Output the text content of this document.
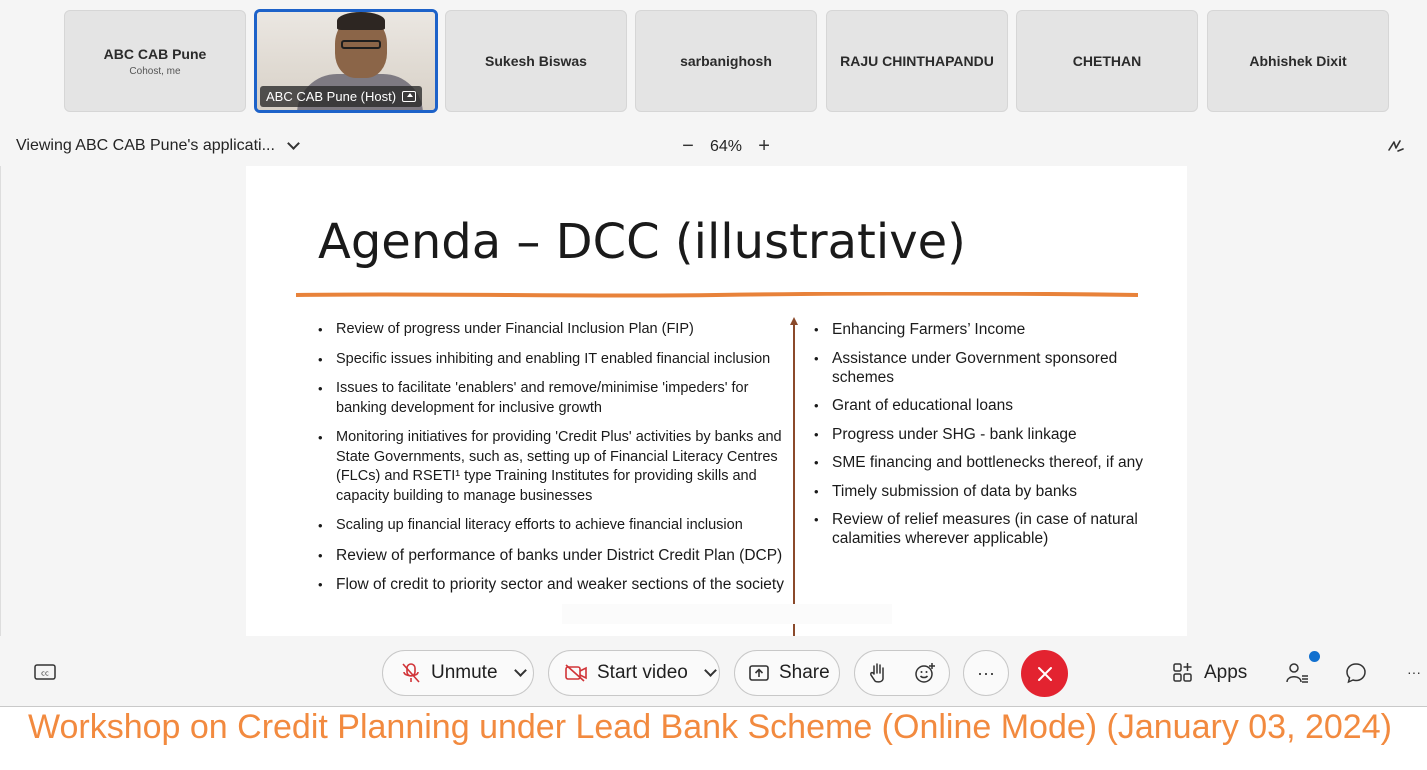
ABC CAB Pune
Cohost, me
ABC CAB Pune (Host)
Sukesh Biswas	sarbanighosh	RAJU CHINTHAPANDU	CHETHAN	Abhishek Dixit
Viewing ABC CAB Pune's applicati...	− 64% +
Agenda – DCC (illustrative)
• Review of progress under Financial Inclusion Plan (FIP)
• Specific issues inhibiting and enabling IT enabled financial inclusion
• Issues to facilitate 'enablers' and remove/minimise 'impeders' for banking development for inclusive growth
• Monitoring initiatives for providing 'Credit Plus' activities by banks and State Governments, such as, setting up of Financial Literacy Centres (FLCs) and RSETI¹ type Training Institutes for providing skills and capacity building to manage businesses
• Scaling up financial literacy efforts to achieve financial inclusion
• Review of performance of banks under District Credit Plan (DCP)
• Flow of credit to priority sector and weaker sections of the society
• Enhancing Farmers’ Income
• Assistance under Government sponsored schemes
• Grant of educational loans
• Progress under SHG - bank linkage
• SME financing and bottlenecks thereof, if any
• Timely submission of data by banks
• Review of relief measures (in case of natural calamities wherever applicable)
cc	Unmute	Start video	Share	···	Apps	···
Workshop on Credit Planning under Lead Bank Scheme (Online Mode) (January 03, 2024)
